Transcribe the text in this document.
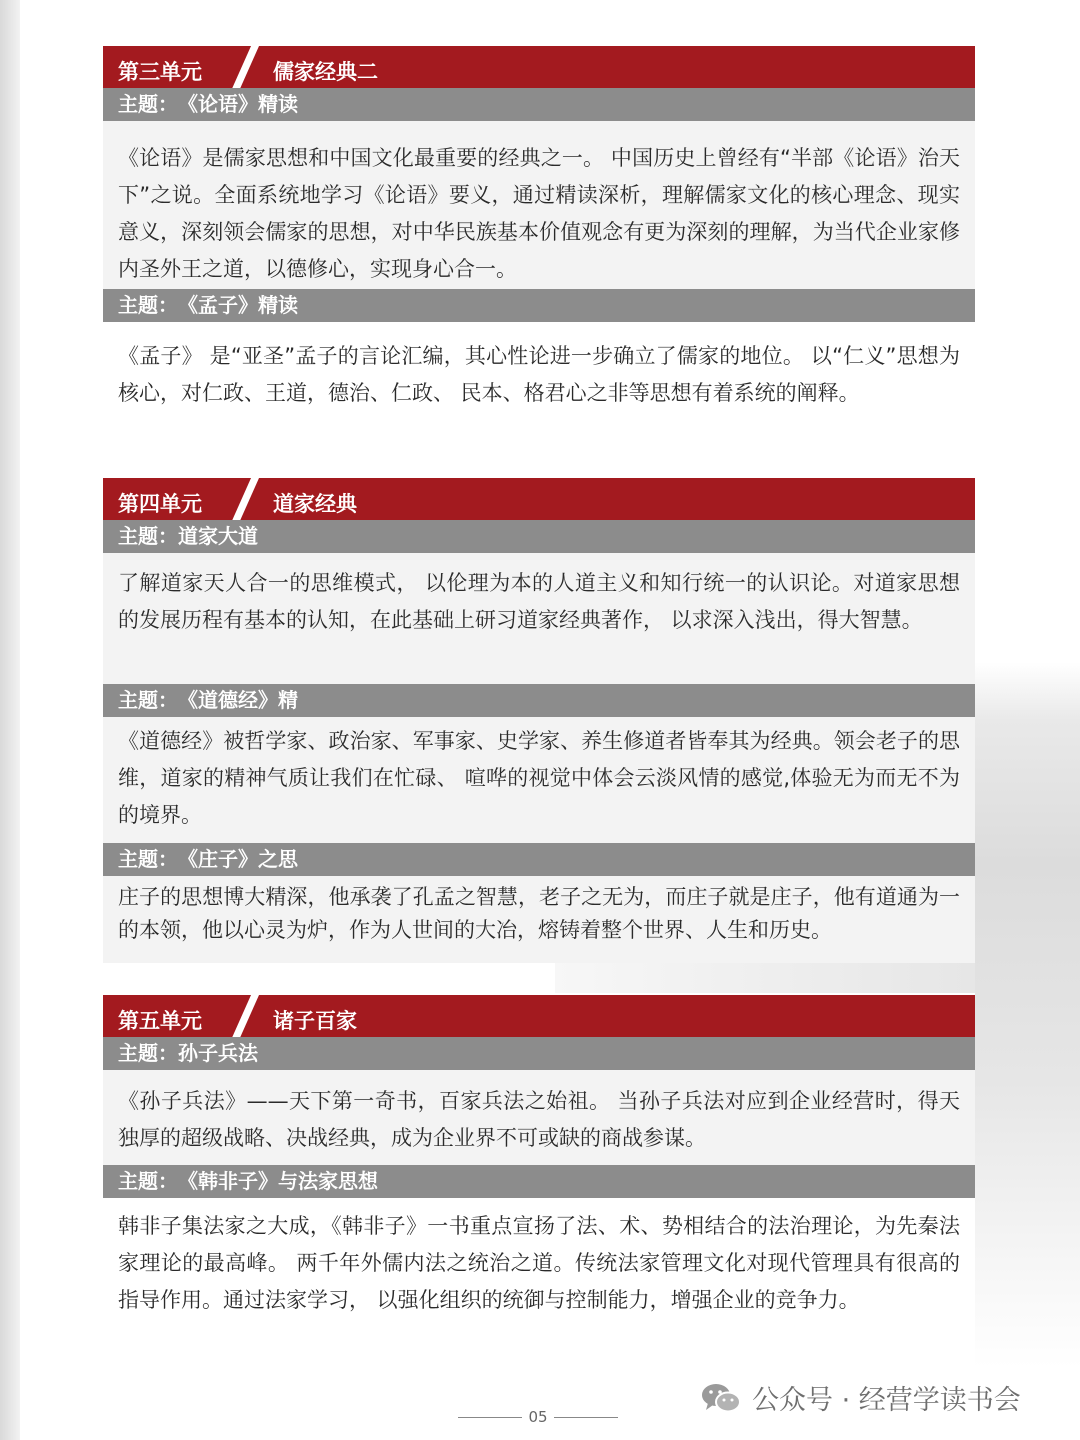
第三单元	儒家经典二
主题： 《论语》精读
《论语》是儒家思想和中国文化最重要的经典之一。 中国历史上曾经有“半部《论语》治天下”之说。全面系统地学习《论语》要义，通过精读深析，理解儒家文化的核心理念、现实意义，深刻领会儒家的思想，对中华民族基本价值观念有更为深刻的理解，为当代企业家修内圣外王之道，以德修心，实现身心合一。
主题： 《孟子》精读
《孟子》 是“亚圣”孟子的言论汇编，其心性论进一步确立了儒家的地位。 以“仁义”思想为核心，对仁政、王道，德治、仁政、 民本、格君心之非等思想有着系统的阐释。
第四单元	道家经典
主题： 道家大道
了解道家天人合一的思维模式， 以伦理为本的人道主义和知行统一的认识论。对道家思想的发展历程有基本的认知，在此基础上研习道家经典著作， 以求深入浅出，得大智慧。
主题： 《道德经》精
《道德经》被哲学家、政治家、军事家、史学家、养生修道者皆奉其为经典。领会老子的思维，道家的精神气质让我们在忙碌、 喧哗的视觉中体会云淡风情的感觉,体验无为而无不为的境界。
主题： 《庄子》之思
庄子的思想博大精深，他承袭了孔孟之智慧，老子之无为，而庄子就是庄子，他有道通为一的本领，他以心灵为炉，作为人世间的大冶，熔铸着整个世界、人生和历史。
第五单元	诸子百家
主题： 孙子兵法
《孙子兵法》——天下第一奇书，百家兵法之始祖。 当孙子兵法对应到企业经营时，得天独厚的超级战略、决战经典，成为企业界不可或缺的商战参谋。
主题： 《韩非子》与法家思想
韩非子集法家之大成，《韩非子》一书重点宣扬了法、术、势相结合的法治理论，为先秦法家理论的最高峰。 两千年外儒内法之统治之道。传统法家管理文化对现代管理具有很高的指导作用。通过法家学习， 以强化组织的统御与控制能力，增强企业的竞争力。
05
公众号 · 经营学读书会
